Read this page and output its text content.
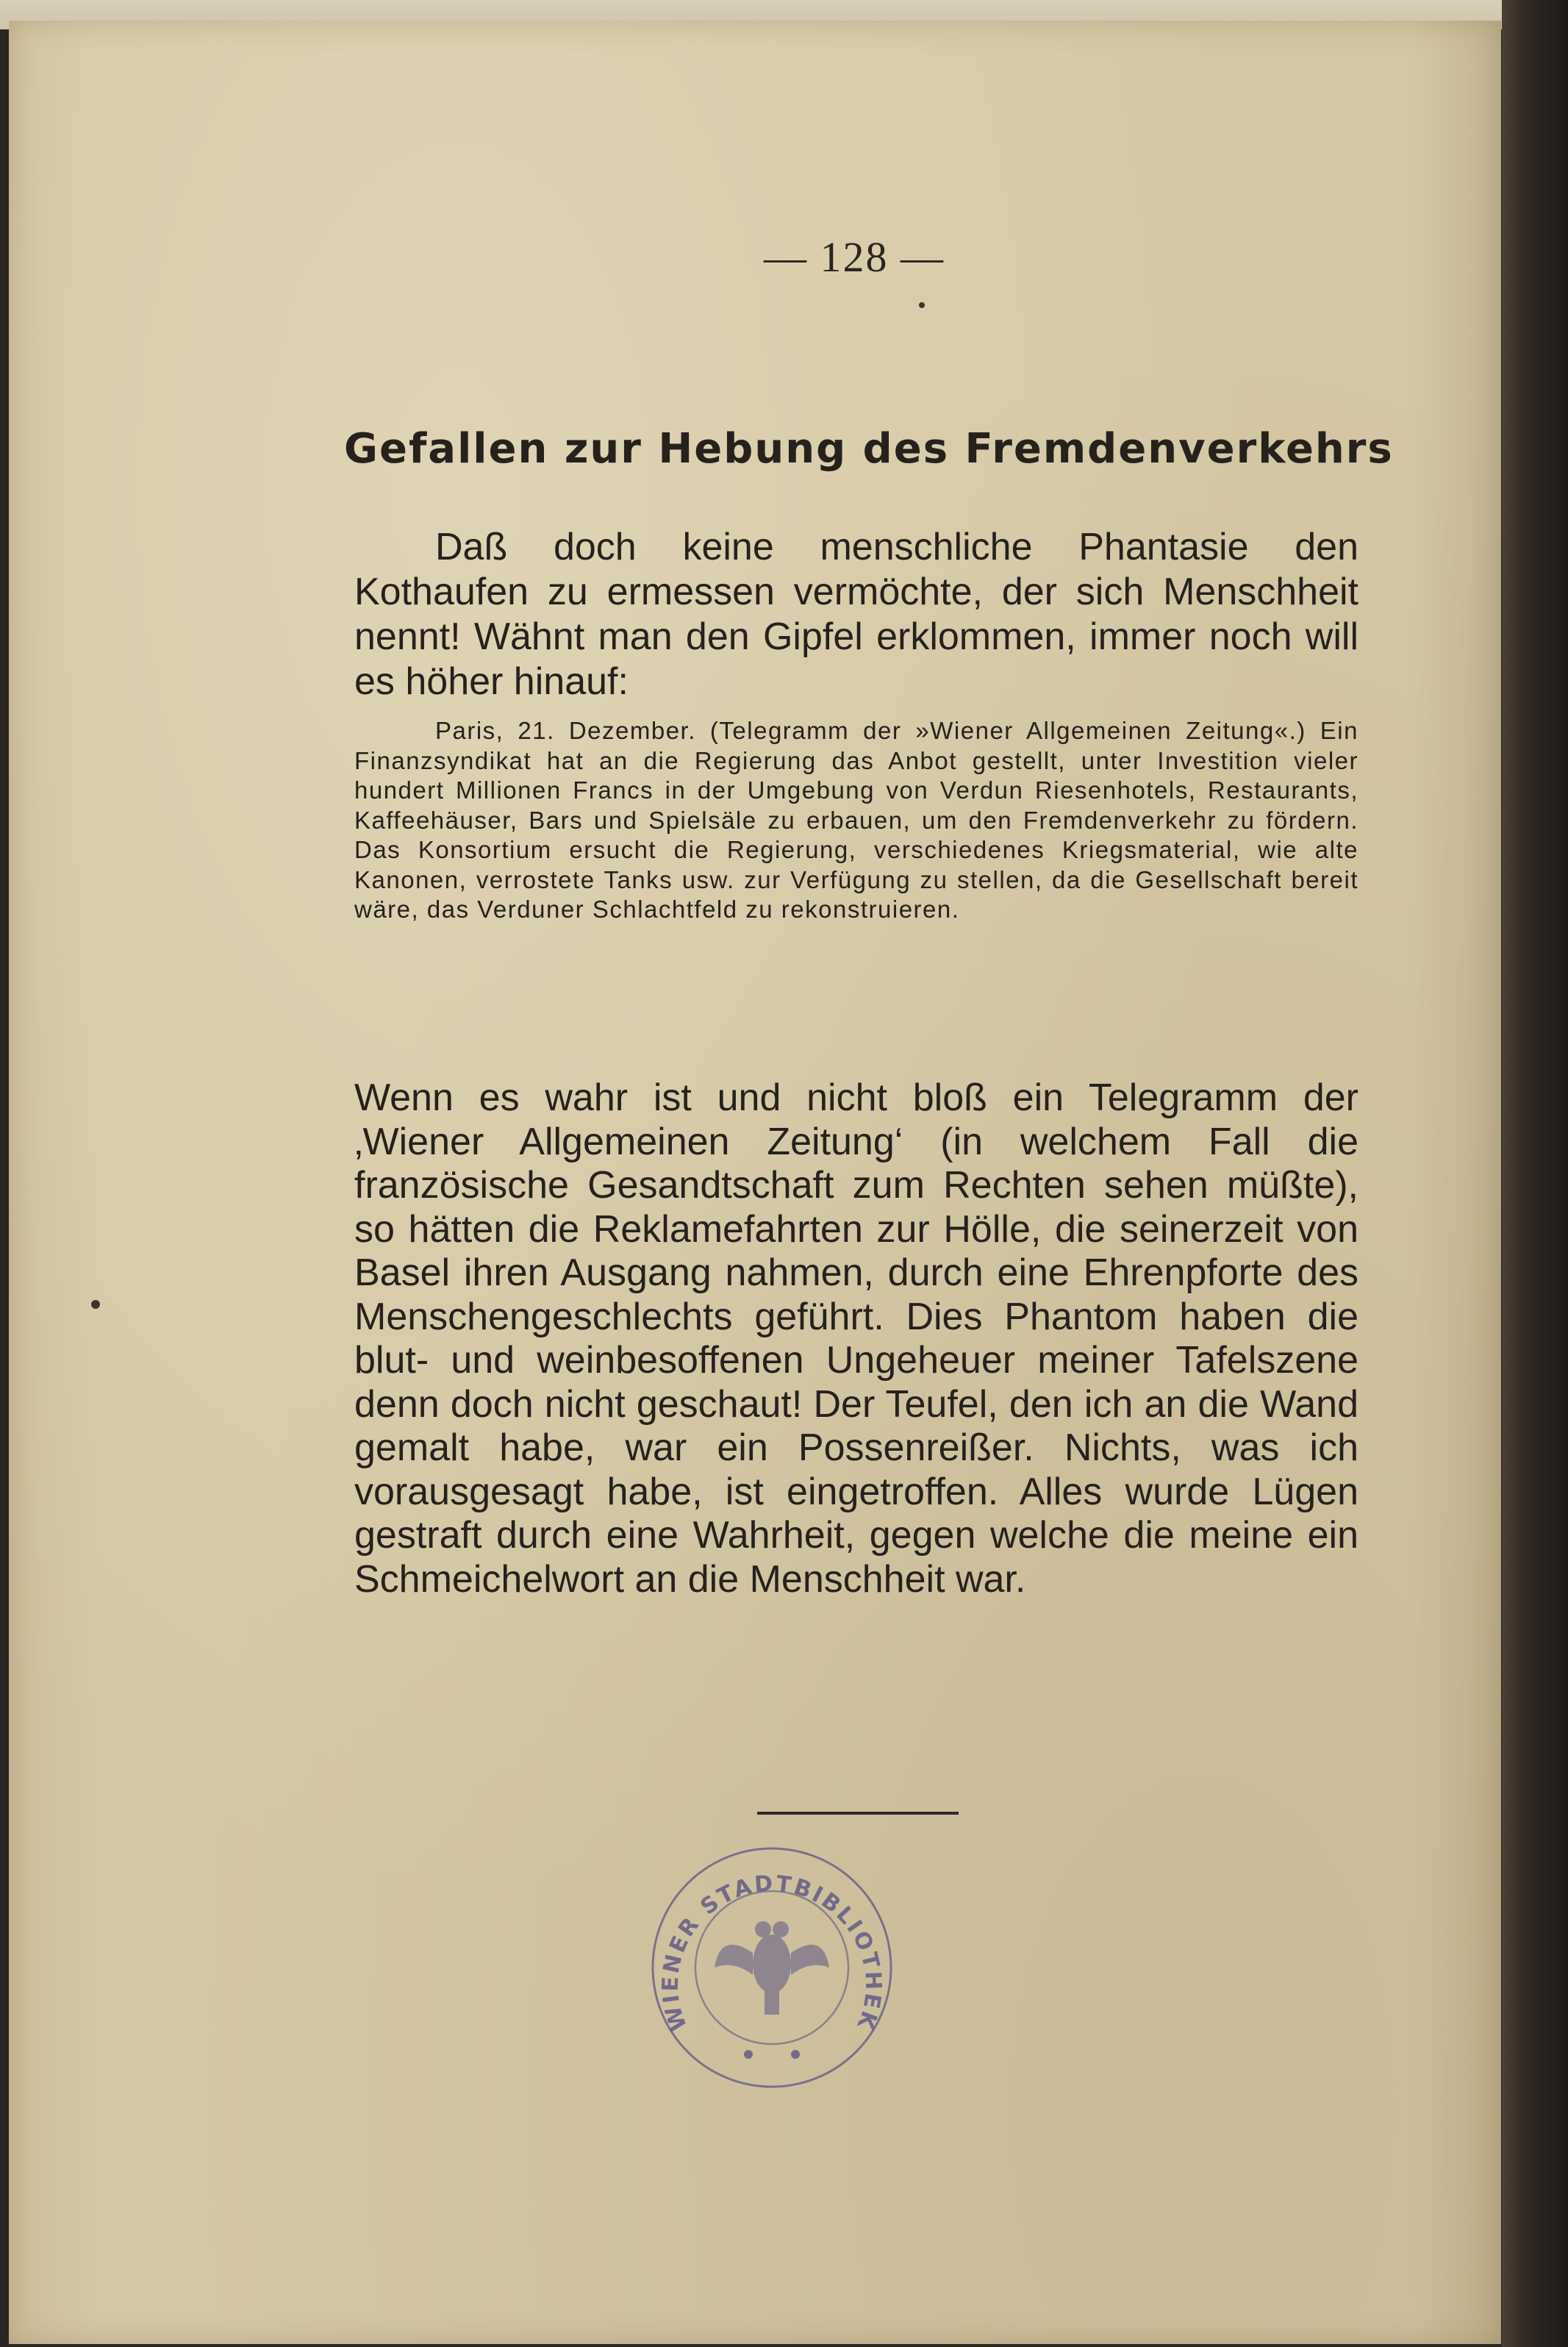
— 128 —
Gefallen zur Hebung des Fremdenverkehrs

Daß doch keine menschliche Phantasie den Kothaufen zu ermessen vermöchte, der sich Menschheit nennt! Wähnt man den Gipfel erklommen, immer noch will es höher hinauf:

Paris, 21. Dezember. (Telegramm der »Wiener Allgemeinen Zeitung«.) Ein Finanzsyndikat hat an die Regierung das Anbot gestellt, unter Investition vieler hundert Millionen Francs in der Umgebung von Verdun Riesenhotels, Restaurants, Kaffeehäuser, Bars und Spielsäle zu erbauen, um den Fremdenverkehr zu fördern. Das Konsortium ersucht die Regierung, verschiedenes Kriegsmaterial, wie alte Kanonen, verrostete Tanks usw. zur Verfügung zu stellen, da die Gesellschaft bereit wäre, das Verduner Schlachtfeld zu rekonstruieren.

Wenn es wahr ist und nicht bloß ein Telegramm der ‚Wiener Allgemeinen Zeitung‘ (in welchem Fall die französische Gesandtschaft zum Rechten sehen müßte), so hätten die Reklamefahrten zur Hölle, die seinerzeit von Basel ihren Ausgang nahmen, durch eine Ehrenpforte des Menschengeschlechts geführt. Dies Phantom haben die blut- und weinbesoffenen Ungeheuer meiner Tafelszene denn doch nicht geschaut! Der Teufel, den ich an die Wand gemalt habe, war ein Possenreißer. Nichts, was ich vorausgesagt habe, ist eingetroffen. Alles wurde Lügen gestraft durch eine Wahrheit, gegen welche die meine ein Schmeichelwort an die Menschheit war.

WIENER STADTBIBLIOTHEK
